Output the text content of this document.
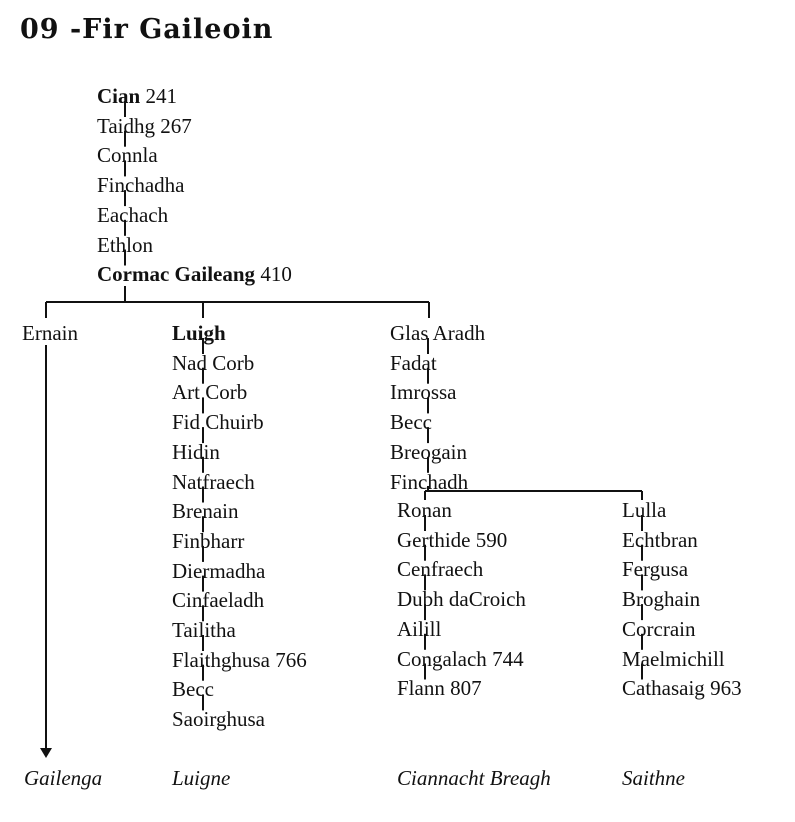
09 -Fir Gaileoin
Gailenga	Luigne	Ciannacht Breagh	Saithne
Cian 241
Taidhg 267
Connla
Finchadha
Eachach
Ethlon
Cormac Gaileang 410
Ernain	Luigh
Nad Corb
Art Corb
Fid Chuirb
Hidin
Natfraech
Brenain
Finbharr
Diermadha
Cinfaeladh
Tailitha
Flaithghusa 766
Becc
Saoirghusa
Glas Aradh
Fadat
Imrossa
Becc
Breogain
Finchadh
Ronan
Gerthide 590
Cenfraech
Dubh daCroich
Ailill
Congalach 744
Flann 807
Lulla
Echtbran
Fergusa
Broghain
Corcrain
Maelmichill
Cathasaig 963
